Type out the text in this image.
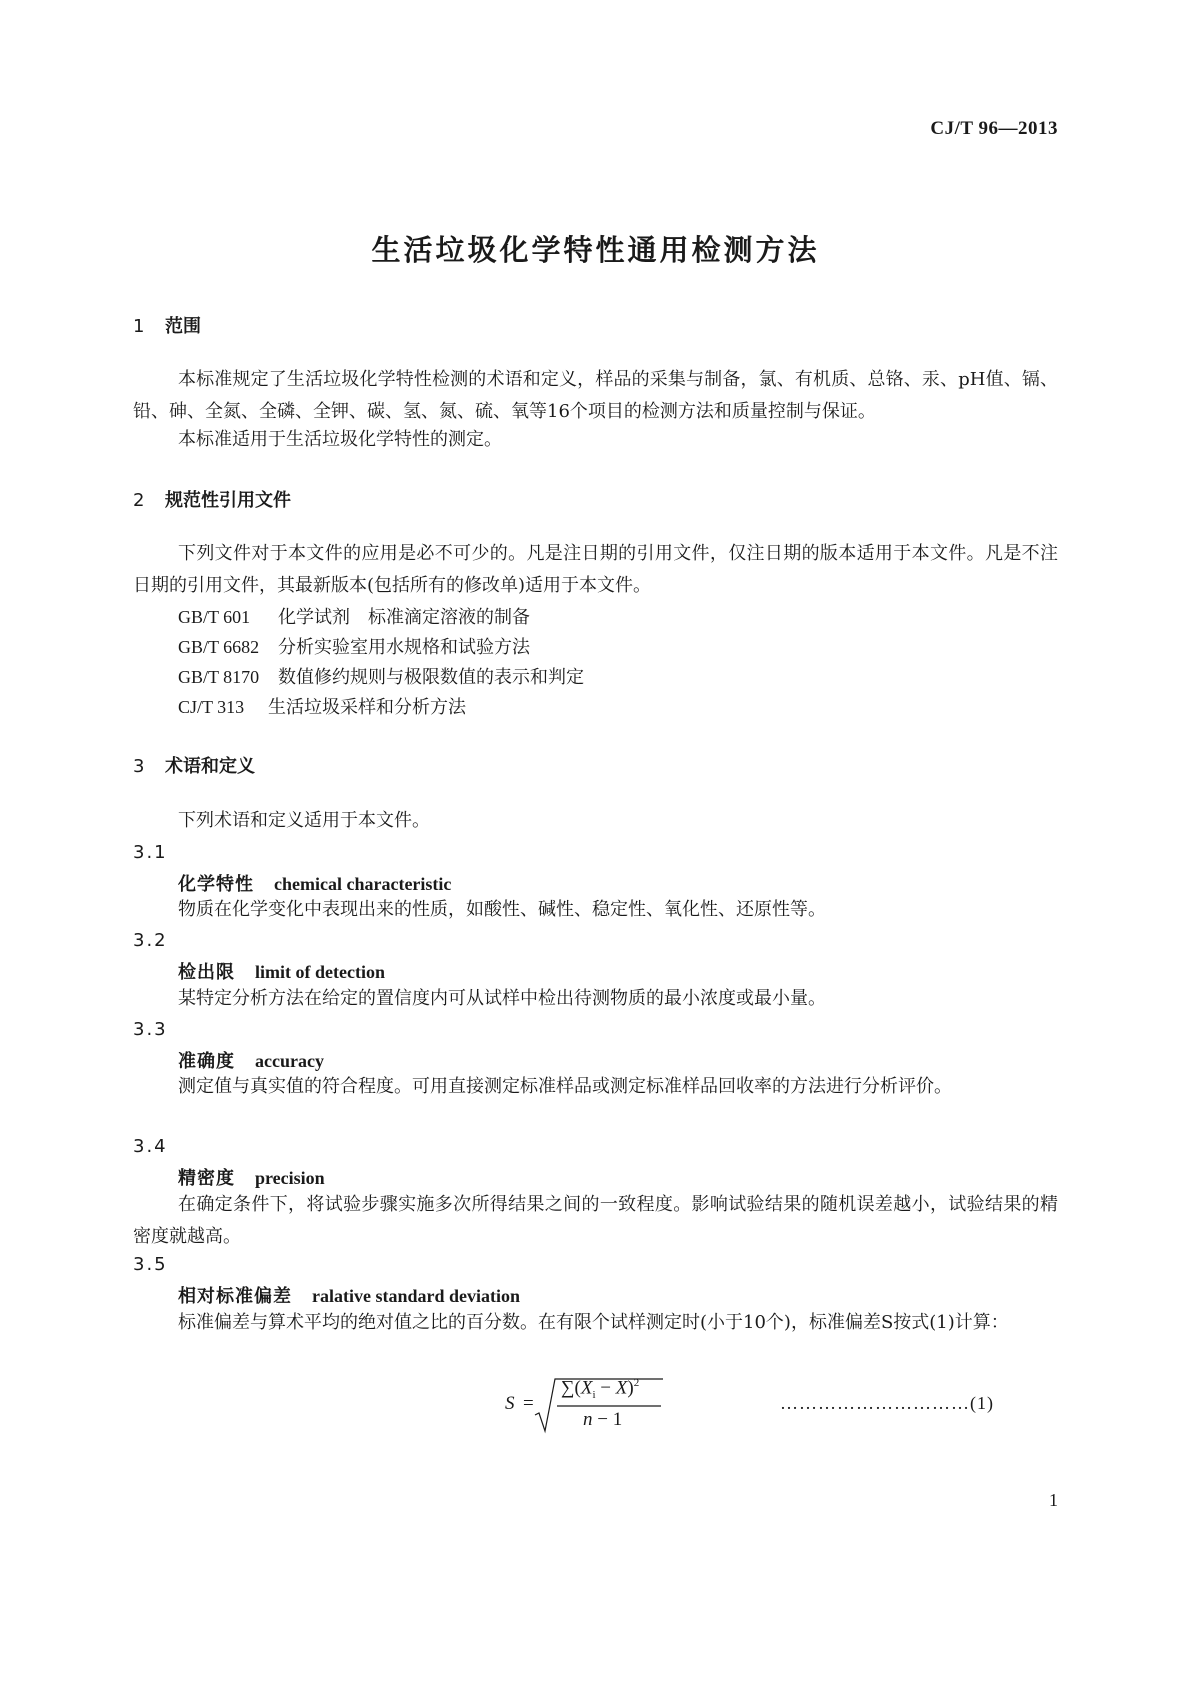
CJ/T 96—2013
生活垃圾化学特性通用检测方法
1 范围
本标准规定了生活垃圾化学特性检测的术语和定义，样品的采集与制备，氯、有机质、总铬、汞、pH值、镉、铅、砷、全氮、全磷、全钾、碳、氢、氮、硫、氧等16个项目的检测方法和质量控制与保证。
本标准适用于生活垃圾化学特性的测定。
2 规范性引用文件
下列文件对于本文件的应用是必不可少的。凡是注日期的引用文件，仅注日期的版本适用于本文件。凡是不注日期的引用文件，其最新版本(包括所有的修改单)适用于本文件。
GB/T 601 化学试剂　标准滴定溶液的制备
GB/T 6682 分析实验室用水规格和试验方法
GB/T 8170 数值修约规则与极限数值的表示和判定
CJ/T 313 生活垃圾采样和分析方法
3 术语和定义
下列术语和定义适用于本文件。
3.1
化学特性 chemical characteristic
物质在化学变化中表现出来的性质，如酸性、碱性、稳定性、氧化性、还原性等。
3.2
检出限 limit of detection
某特定分析方法在给定的置信度内可从试样中检出待测物质的最小浓度或最小量。
3.3
准确度 accuracy
测定值与真实值的符合程度。可用直接测定标准样品或测定标准样品回收率的方法进行分析评价。
3.4
精密度 precision
在确定条件下，将试验步骤实施多次所得结果之间的一致程度。影响试验结果的随机误差越小，试验结果的精密度就越高。
3.5
相对标准偏差 ralative standard deviation
标准偏差与算术平均的绝对值之比的百分数。在有限个试样测定时(小于10个)，标准偏差S按式(1)计算：
S =
$\sum(X_i - X)^2$
n − 1
…………………………(1)
1
